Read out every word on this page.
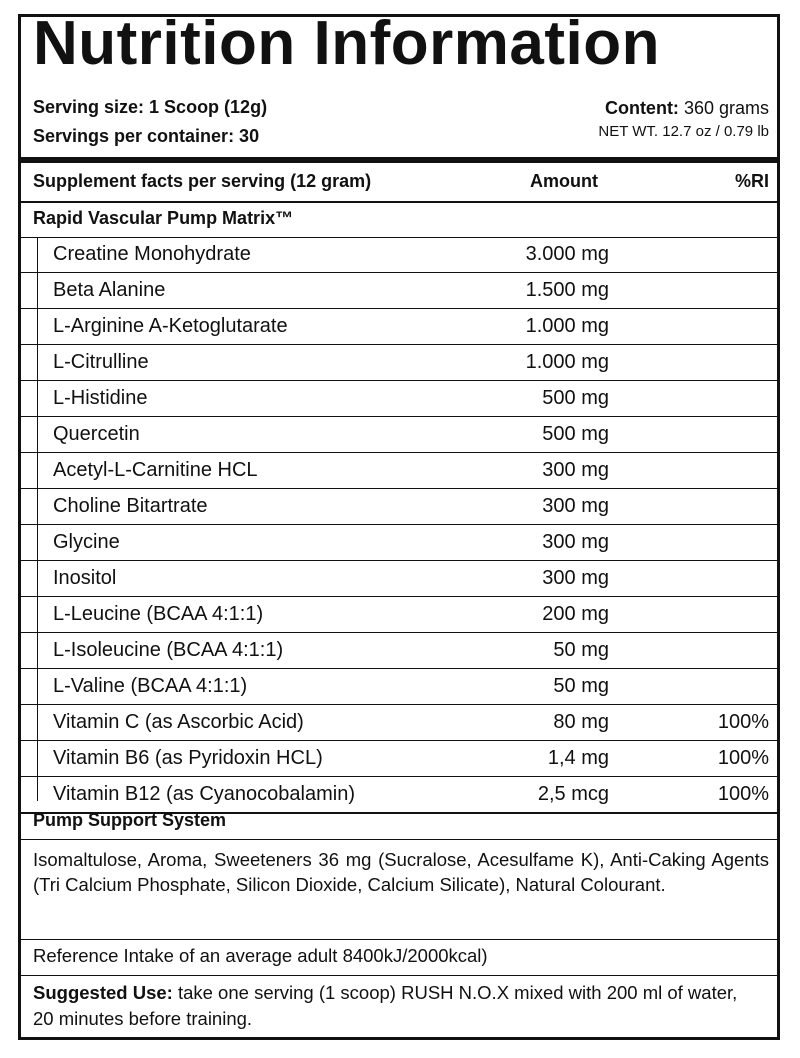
Nutrition Information
Serving size: 1 Scoop (12g)
Servings per container: 30
Content: 360 grams
NET WT. 12.7 oz / 0.79 lb
Supplement facts per serving (12 gram)	Amount	%RI
Rapid Vascular Pump Matrix™
Creatine Monohydrate	3.000 mg
Beta Alanine	1.500 mg
L-Arginine A-Ketoglutarate	1.000 mg
L-Citrulline	1.000 mg
L-Histidine	500 mg
Quercetin	500 mg
Acetyl-L-Carnitine HCL	300 mg
Choline Bitartrate	300 mg
Glycine	300 mg
Inositol	300 mg
L-Leucine (BCAA 4:1:1)	200 mg
L-Isoleucine (BCAA 4:1:1)	50 mg
L-Valine (BCAA 4:1:1)	50 mg
Vitamin C (as Ascorbic Acid)	80 mg	100%
Vitamin B6 (as Pyridoxin HCL)	1,4 mg	100%
Vitamin B12 (as Cyanocobalamin)	2,5 mcg	100%
Pump Support System
Isomaltulose, Aroma, Sweeteners 36 mg (Sucralose, Acesulfame K), Anti-Caking Agents (Tri Calcium Phosphate, Silicon Dioxide, Calcium Silicate), Natural Colourant.
Reference Intake of an average adult 8400kJ/2000kcal)
Suggested Use: take one serving (1 scoop) RUSH N.O.X mixed with 200 ml of water, 20 minutes before training.
